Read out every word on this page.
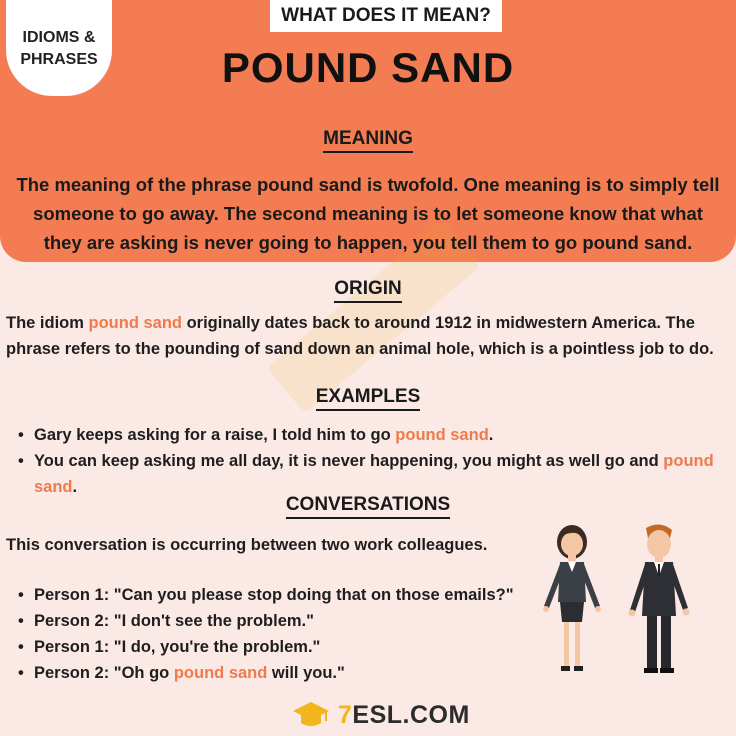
IDIOMS &
PHRASES
WHAT DOES IT MEAN?
POUND SAND
MEANING
The meaning of the phrase pound sand is twofold. One meaning is to simply tell someone to go away. The second meaning is to let someone know that what they are asking is never going to happen, you tell them to go pound sand.
ORIGIN
The idiom pound sand originally dates back to around 1912 in midwestern America. The phrase refers to the pounding of sand down an animal hole, which is a pointless job to do.
EXAMPLES
• Gary keeps asking for a raise, I told him to go pound sand.
• You can keep asking me all day, it is never happening, you might as well go and pound sand.
CONVERSATIONS
This conversation is occurring between two work colleagues.
• Person 1: "Can you please stop doing that on those emails?"
• Person 2: "I don't see the problem."
• Person 1: "I do, you're the problem."
• Person 2: "Oh go pound sand will you."
7ESL.COM
